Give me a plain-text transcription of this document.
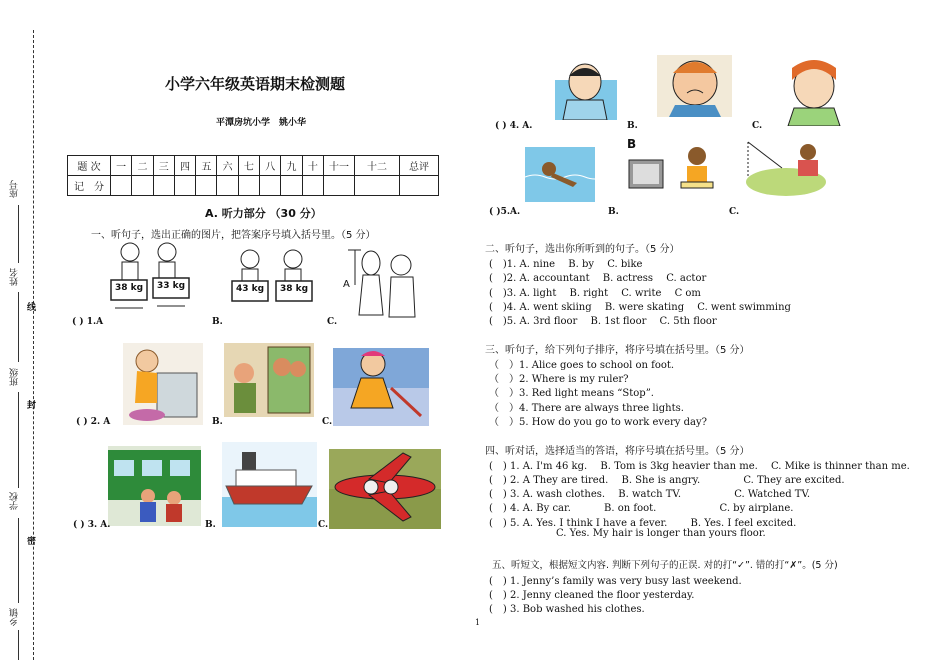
座号
姓名
线
班级
封
学校
密
乡镇
小学六年级英语期末检测题
平潭房坑小学　姚小华
题 次	一	二	三	四	五	六	七	八	九	十	十一	十二	总评
记　分													
A. 听力部分 （30 分）
一、听句子，选出正确的图片，把答案序号填入括号里。（5 分）
38 kg 33 kg	43 kg 38 kg	A
( ) 1.A	B.	C.
( ) 2. A	B.	C.
( ) 3. A.	B.	C.
( ) 4. A.	B.	C.
B
( )5.A.	B.	C.
二、听句子，选出你所听到的句子。（5 分）
(　)1. A. nine　 B. by　 C. bike
(　)2. A. accountant　 B. actress　 C. actor
(　)3. A. light　 B. right　 C. write　 C om
(　)4. A. went skiing　 B. were skating　 C. went swimming
(　)5. A. 3rd floor　 B. 1st floor　 C. 5th floor
三、听句子，给下列句子排序，将序号填在括号里。（5 分）
（　）1. Alice goes to school on foot.
（　）2. Where is my ruler?
（　）3. Red light means “Stop”.
（　）4. There are always three lights.
（　）5. How do you go to work every day?
四、听对话，选择适当的答语，将序号填在括号里。（5 分）
(　) 1. A. I'm 46 kg.　 B. Tom is 3kg heavier than me.　 C. Mike is thinner than me.
(　) 2. A They are tired.　 B. She is angry.　　　　 C. They are excited.
(　) 3. A. wash clothes.　 B. watch TV.　　　　　 C. Watched TV.
(　) 4. A. By car.　　　 B. on foot.　　　　　　 C. by airplane.
(　) 5. A. Yes. I think I have a fever.　　 B. Yes. I feel excited.
C. Yes. My hair is longer than yours floor.
五、听短文，根据短文内容. 判断下列句子的正误. 对的打“✓”. 错的打“✗”。(5 分)
(　) 1. Jenny’s family was very busy last weekend.
(　) 2. Jenny cleaned the floor yesterday.
(　) 3. Bob washed his clothes.
1
